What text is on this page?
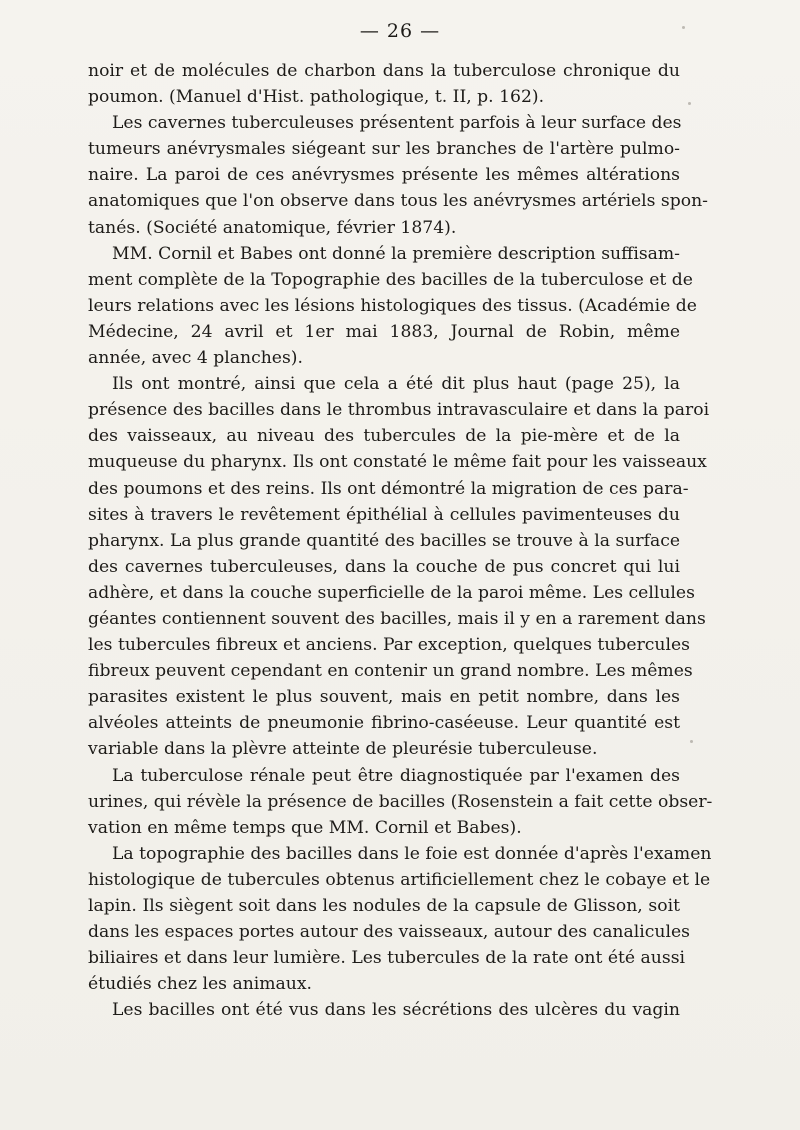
— 26 —
noir et de molécules de charbon dans la tuberculose chronique du
poumon. (Manuel d'Hist. pathologique, t. II, p. 162).
Les cavernes tuberculeuses présentent parfois à leur surface des
tumeurs anévrysmales siégeant sur les branches de l'artère pulmo-
naire. La paroi de ces anévrysmes présente les mêmes altérations
anatomiques que l'on observe dans tous les anévrysmes artériels spon-
tanés. (Société anatomique, février 1874).
MM. Cornil et Babes ont donné la première description suffisam-
ment complète de la Topographie des bacilles de la tuberculose et de
leurs relations avec les lésions histologiques des tissus. (Académie de
Médecine, 24 avril et 1er mai 1883, Journal de Robin, même
année, avec 4 planches).
Ils ont montré, ainsi que cela a été dit plus haut (page 25), la
présence des bacilles dans le thrombus intravasculaire et dans la paroi
des vaisseaux, au niveau des tubercules de la pie-mère et de la
muqueuse du pharynx. Ils ont constaté le même fait pour les vaisseaux
des poumons et des reins. Ils ont démontré la migration de ces para-
sites à travers le revêtement épithélial à cellules pavimenteuses du
pharynx. La plus grande quantité des bacilles se trouve à la surface
des cavernes tuberculeuses, dans la couche de pus concret qui lui
adhère, et dans la couche superficielle de la paroi même. Les cellules
géantes contiennent souvent des bacilles, mais il y en a rarement dans
les tubercules fibreux et anciens. Par exception, quelques tubercules
fibreux peuvent cependant en contenir un grand nombre. Les mêmes
parasites existent le plus souvent, mais en petit nombre, dans les
alvéoles atteints de pneumonie fibrino-caséeuse. Leur quantité est
variable dans la plèvre atteinte de pleurésie tuberculeuse.
La tuberculose rénale peut être diagnostiquée par l'examen des
urines, qui révèle la présence de bacilles (Rosenstein a fait cette obser-
vation en même temps que MM. Cornil et Babes).
La topographie des bacilles dans le foie est donnée d'après l'examen
histologique de tubercules obtenus artificiellement chez le cobaye et le
lapin. Ils siègent soit dans les nodules de la capsule de Glisson, soit
dans les espaces portes autour des vaisseaux, autour des canalicules
biliaires et dans leur lumière. Les tubercules de la rate ont été aussi
étudiés chez les animaux.
Les bacilles ont été vus dans les sécrétions des ulcères du vagin
